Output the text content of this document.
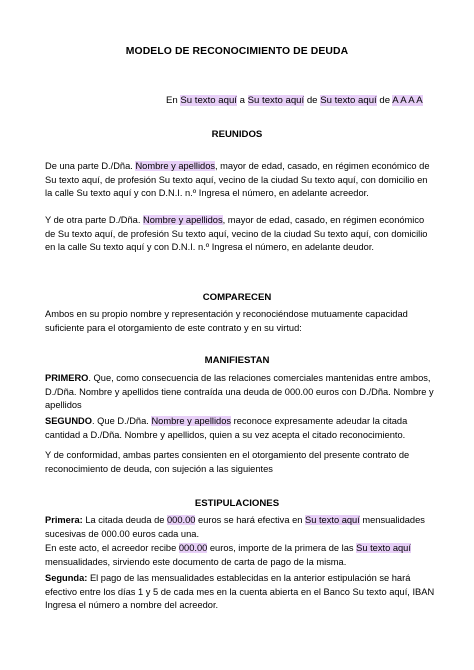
MODELO DE RECONOCIMIENTO DE DEUDA
En Su texto aquí a Su texto aquí de Su texto aquí de A A A A
REUNIDOS
De una parte D./Dña. Nombre y apellidos, mayor de edad, casado, en régimen económico de Su texto aquí, de profesión Su texto aquí, vecino de la ciudad Su texto aquí, con domicilio en la calle Su texto aquí y con D.N.I. n.º Ingresa el número, en adelante acreedor.
Y de otra parte D./Dña. Nombre y apellidos, mayor de edad, casado, en régimen económico de Su texto aquí, de profesión Su texto aquí, vecino de la ciudad Su texto aquí, con domicilio en la calle Su texto aquí y con D.N.I. n.º Ingresa el número, en adelante deudor.
COMPARECEN
Ambos en su propio nombre y representación y reconociéndose mutuamente capacidad suficiente para el otorgamiento de este contrato y en su virtud:
MANIFIESTAN
PRIMERO. Que, como consecuencia de las relaciones comerciales mantenidas entre ambos, D./Dña. Nombre y apellidos tiene contraída una deuda de 000.00 euros con D./Dña. Nombre y apellidos
SEGUNDO. Que D./Dña. Nombre y apellidos reconoce expresamente adeudar la citada cantidad a D./Dña. Nombre y apellidos, quien a su vez acepta el citado reconocimiento.
Y de conformidad, ambas partes consienten en el otorgamiento del presente contrato de reconocimiento de deuda, con sujeción a las siguientes
ESTIPULACIONES
Primera: La citada deuda de 000.00 euros se hará efectiva en Su texto aquí mensualidades sucesivas de 000.00 euros cada una.
En este acto, el acreedor recibe 000.00 euros, importe de la primera de las Su texto aquí mensualidades, sirviendo este documento de carta de pago de la misma.
Segunda: El pago de las mensualidades establecidas en la anterior estipulación se hará efectivo entre los días 1 y 5 de cada mes en la cuenta abierta en el Banco Su texto aquí, IBAN Ingresa el número a nombre del acreedor.
